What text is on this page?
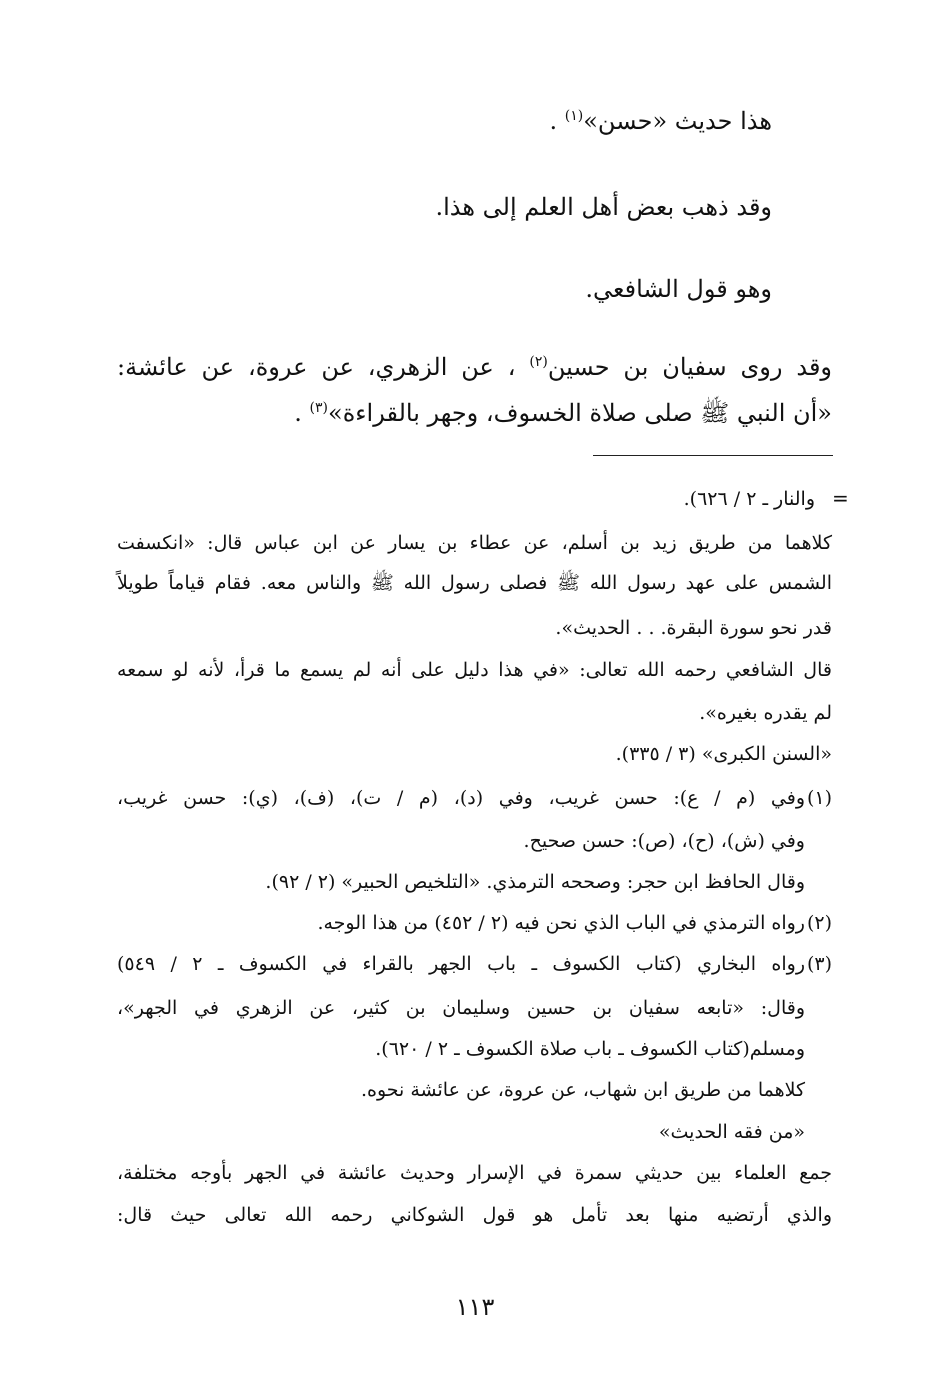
هذا حديث «حسن»$^{(١)}$ .
وقد ذهب بعض أهل العلم إلى هذا.
وهو قول الشافعي.
وقد روى سفيان بن حسين$^{(٢)}$ ، عن الزهري، عن عروة، عن عائشة:
«أن النبي ﷺ صلى صلاة الخسوف، وجهر بالقراءة»$^{(٣)}$ .
=
والنار ـ ٢ / ٦٢٦).
كلاهما من طريق زيد بن أسلم، عن عطاء بن يسار عن ابن عباس قال: «انكسفت
الشمس على عهد رسول الله ﷺ فصلى رسول الله ﷺ والناس معه. فقام قياماً طويلاً
قدر نحو سورة البقرة. . . الحديث».
قال الشافعي رحمه الله تعالى: «في هذا دليل على أنه لم يسمع ما قرأ، لأنه لو سمعه
لم يقدره بغيره».
«السنن الكبرى» (٣ / ٣٣٥).
(١)
وفي (م / ع): حسن غريب، وفي (د)، (م / ت)، (ف)، (ي): حسن غريب،
وفي (ش)، (ح)، (ص): حسن صحيح.
وقال الحافظ ابن حجر: وصححه الترمذي. «التلخيص الحبير» (٢ / ٩٢).
(٢)
رواه الترمذي في الباب الذي نحن فيه (٢ / ٤٥٢) من هذا الوجه.
(٣)
رواه البخاري (كتاب الكسوف ـ باب الجهر بالقراء في الكسوف ـ ٢ / ٥٤٩)
وقال: «تابعه سفيان بن حسين وسليمان بن كثير، عن الزهري في الجهر»،
ومسلم(كتاب الكسوف ـ باب صلاة الكسوف ـ ٢ / ٦٢٠).
كلاهما من طريق ابن شهاب، عن عروة، عن عائشة نحوه.
«من فقه الحديث»
جمع العلماء بين حديثي سمرة في الإسرار وحديث عائشة في الجهر بأوجه مختلفة،
والذي أرتضيه منها بعد تأمل هو قول الشوكاني رحمه الله تعالى حيث قال:
١١٣
